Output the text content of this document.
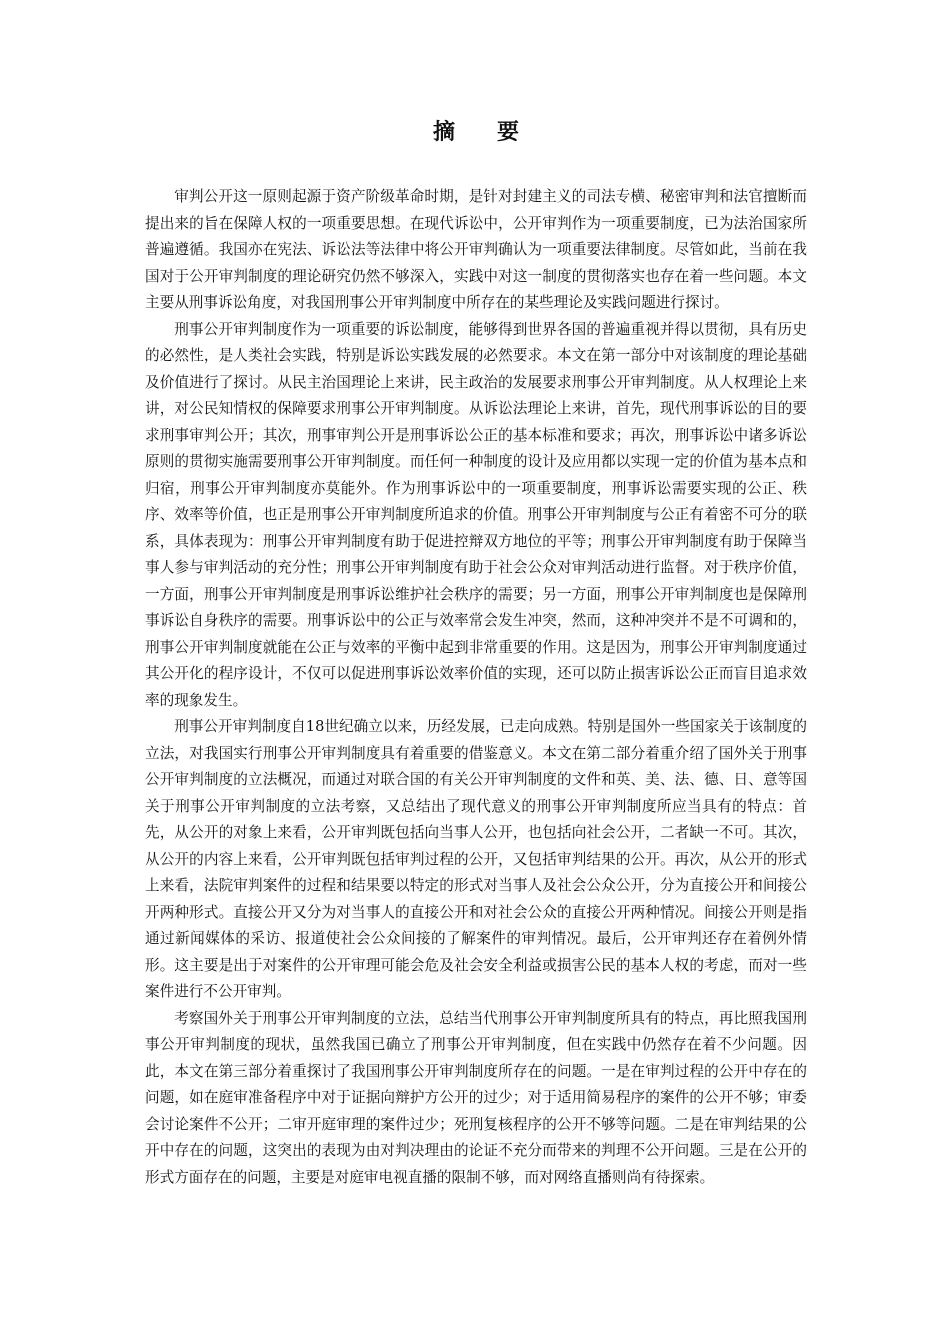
摘要

审判公开这一原则起源于资产阶级革命时期，是针对封建主义的司法专横、秘密审判和法官擅断而提出来的旨在保障人权的一项重要思想。在现代诉讼中，公开审判作为一项重要制度，已为法治国家所普遍遵循。我国亦在宪法、诉讼法等法律中将公开审判确认为一项重要法律制度。尽管如此，当前在我国对于公开审判制度的理论研究仍然不够深入，实践中对这一制度的贯彻落实也存在着一些问题。本文主要从刑事诉讼角度，对我国刑事公开审判制度中所存在的某些理论及实践问题进行探讨。

刑事公开审判制度作为一项重要的诉讼制度，能够得到世界各国的普遍重视并得以贯彻，具有历史的必然性，是人类社会实践，特别是诉讼实践发展的必然要求。本文在第一部分中对该制度的理论基础及价值进行了探讨。从民主治国理论上来讲，民主政治的发展要求刑事公开审判制度。从人权理论上来讲，对公民知情权的保障要求刑事公开审判制度。从诉讼法理论上来讲，首先，现代刑事诉讼的目的要求刑事审判公开；其次，刑事审判公开是刑事诉讼公正的基本标准和要求；再次，刑事诉讼中诸多诉讼原则的贯彻实施需要刑事公开审判制度。而任何一种制度的设计及应用都以实现一定的价值为基本点和归宿，刑事公开审判制度亦莫能外。作为刑事诉讼中的一项重要制度，刑事诉讼需要实现的公正、秩序、效率等价值，也正是刑事公开审判制度所追求的价值。刑事公开审判制度与公正有着密不可分的联系，具体表现为：刑事公开审判制度有助于促进控辩双方地位的平等；刑事公开审判制度有助于保障当事人参与审判活动的充分性；刑事公开审判制度有助于社会公众对审判活动进行监督。对于秩序价值，一方面，刑事公开审判制度是刑事诉讼维护社会秩序的需要；另一方面，刑事公开审判制度也是保障刑事诉讼自身秩序的需要。刑事诉讼中的公正与效率常会发生冲突，然而，这种冲突并不是不可调和的，刑事公开审判制度就能在公正与效率的平衡中起到非常重要的作用。这是因为，刑事公开审判制度通过其公开化的程序设计，不仅可以促进刑事诉讼效率价值的实现，还可以防止损害诉讼公正而盲目追求效率的现象发生。

刑事公开审判制度自18世纪确立以来，历经发展，已走向成熟。特别是国外一些国家关于该制度的立法，对我国实行刑事公开审判制度具有着重要的借鉴意义。本文在第二部分着重介绍了国外关于刑事公开审判制度的立法概况，而通过对联合国的有关公开审判制度的文件和英、美、法、德、日、意等国关于刑事公开审判制度的立法考察，又总结出了现代意义的刑事公开审判制度所应当具有的特点：首先，从公开的对象上来看，公开审判既包括向当事人公开，也包括向社会公开，二者缺一不可。其次，从公开的内容上来看，公开审判既包括审判过程的公开，又包括审判结果的公开。再次，从公开的形式上来看，法院审判案件的过程和结果要以特定的形式对当事人及社会公众公开，分为直接公开和间接公开两种形式。直接公开又分为对当事人的直接公开和对社会公众的直接公开两种情况。间接公开则是指通过新闻媒体的采访、报道使社会公众间接的了解案件的审判情况。最后，公开审判还存在着例外情形。这主要是出于对案件的公开审理可能会危及社会安全利益或损害公民的基本人权的考虑，而对一些案件进行不公开审判。

考察国外关于刑事公开审判制度的立法，总结当代刑事公开审判制度所具有的特点，再比照我国刑事公开审判制度的现状，虽然我国已确立了刑事公开审判制度，但在实践中仍然存在着不少问题。因此，本文在第三部分着重探讨了我国刑事公开审判制度所存在的问题。一是在审判过程的公开中存在的问题，如在庭审准备程序中对于证据向辩护方公开的过少；对于适用简易程序的案件的公开不够；审委会讨论案件不公开；二审开庭审理的案件过少；死刑复核程序的公开不够等问题。二是在审判结果的公开中存在的问题，这突出的表现为由对判决理由的论证不充分而带来的判理不公开问题。三是在公开的形式方面存在的问题，主要是对庭审电视直播的限制不够，而对网络直播则尚有待探索。
